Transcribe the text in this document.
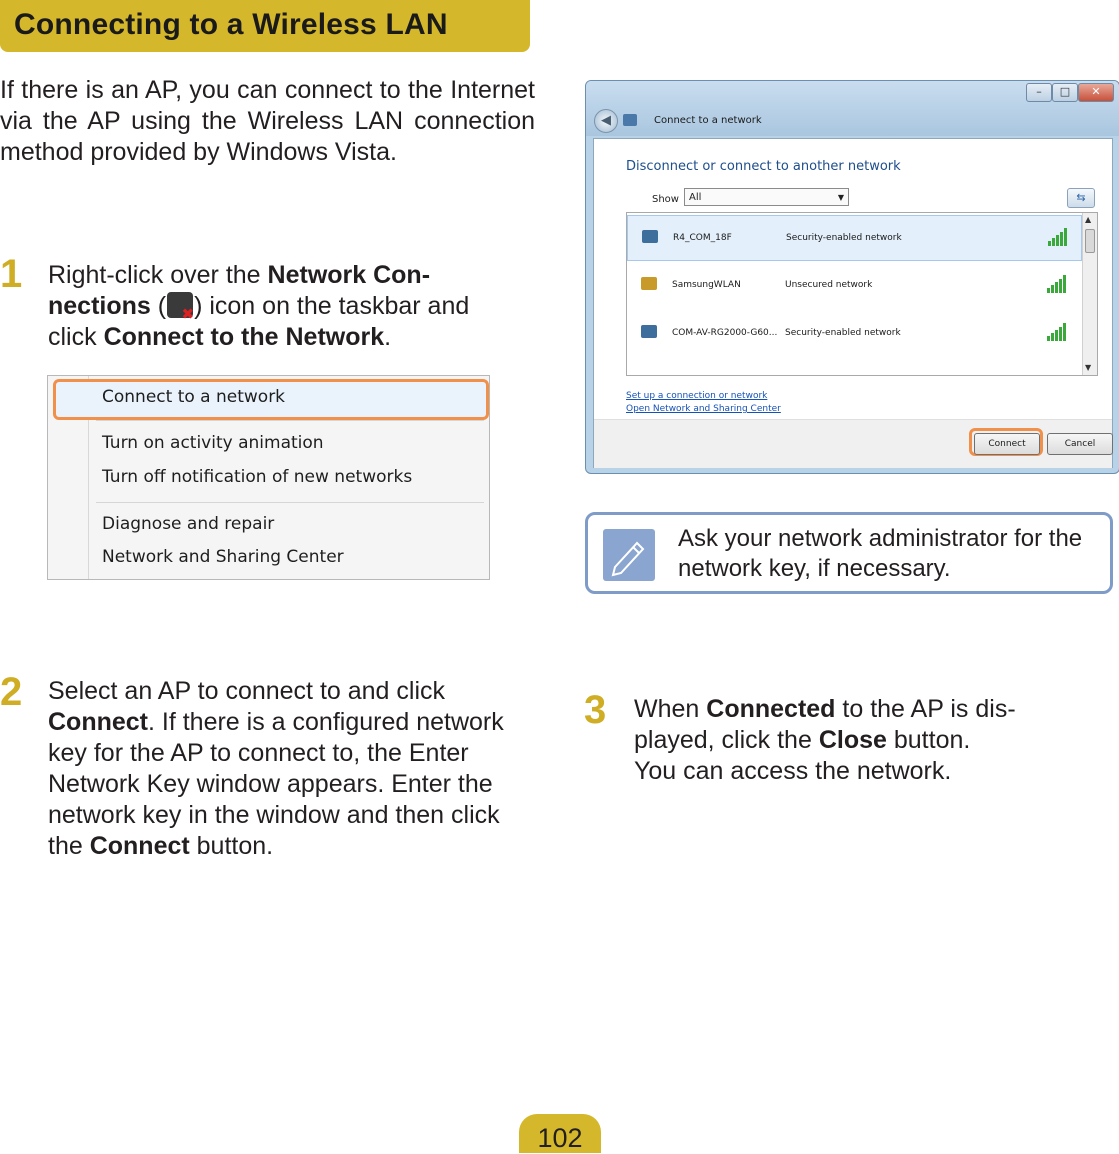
Connecting to a Wireless LAN
If there is an AP, you can connect to the Internet via the AP using the Wireless LAN connection method provided by Windows Vista.
1 Right-click over the Network Con-nections (✖ ) icon on the taskbar and click Connect to the Network.
Connect to a network
Turn on activity animation
Turn off notification of new networks
Diagnose and repair
Network and Sharing Center
2 Select an AP to connect to and click Connect. If there is a configured network key for the AP to connect to, the Enter Network Key window appears. Enter the network key in the window and then click the Connect button.
–	□	✕
◀	Connect to a network
Disconnect or connect to another network
Show	All ▼	⇆
R4_COM_18F	Security-enabled network
SamsungWLAN	Unsecured network
COM-AV-RG2000-G60... Security-enabled network
▲
▼
Set up a connection or network
Open Network and Sharing Center
Connect	Cancel
Ask your network administrator for the network key, if necessary.
3 When Connected to the AP is dis-played, click the Close button.
You can access the network.
102
